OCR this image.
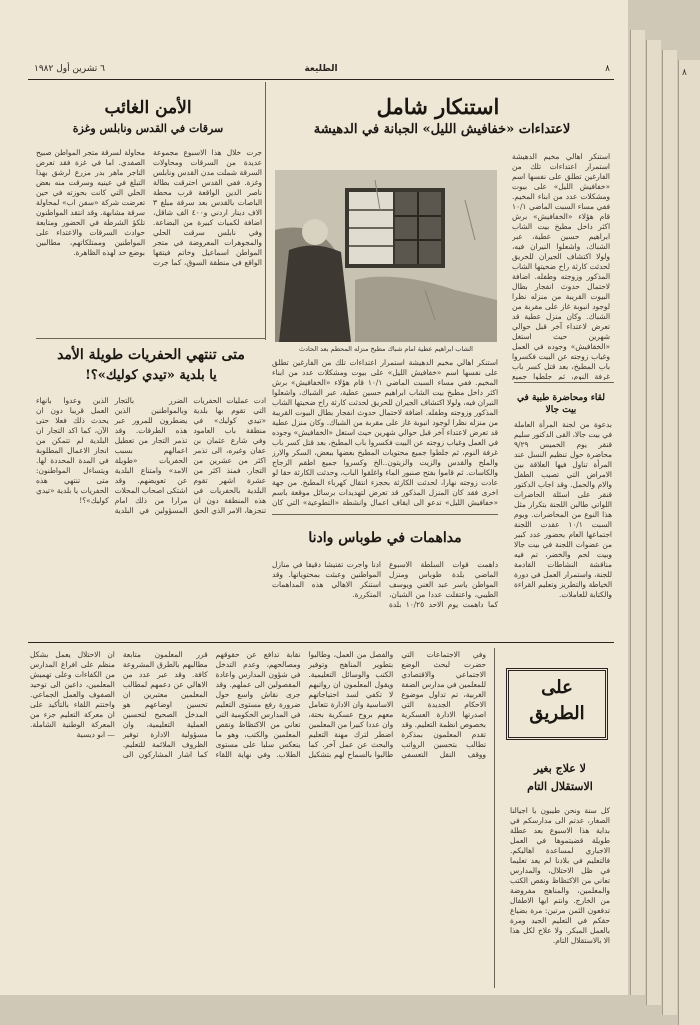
٨
الطليعة
٦ تشرين أول ١٩٨٢
استنكار شامل
لاعتداءات «خفافيش الليل» الجبانة في الدهيشة
الشاب ابراهيم عطية امام شباك مطبخ منزله المحطم بعد الحادث
استنكر اهالي مخيم الدهيشة استمرار اعتداءات تلك من الفارغين تطلق على نفسها اسم «خفافيش الليل» على بيوت ومشكلات عدد من ابناء المخيم. ففي مساء السبت الماضي ١٠/١ قام هؤلاء «الخفافيش» برش اكثر داخل مطبخ بيت الشاب ابراهيم حسين عطية، عبر الشباك، واشعلوا النيران فيه، ولولا اكتشاف الجيران للحريق لحدثت كارثة راح ضحيتها الشاب المذكور وزوجته وطفله. اضافة لاحتمال حدوث انفجار بطال البيوت القريبة من منزله نظرا لوجود انبوبة غاز على مقربة من الشباك. وكان منزل عطية قد تعرض لاعتداء آخر قبل حوالي شهرين حيث استغل «الخفافيش» وجوده في العمل وغياب زوجته عن البيت فكسروا باب المطبخ، بعد قتل كسر باب غرفة النوم، ثم جلطوا جميع
استنكر اهالي مخيم الدهيشة استمرار اعتداءات تلك من الفارغين تطلق على نفسها اسم «خفافيش الليل» على بيوت ومشكلات عدد من ابناء المخيم. ففي مساء السبت الماضي ١٠/١ قام هؤلاء «الخفافيش» برش اكثر داخل مطبخ بيت الشاب ابراهيم حسين عطية، عبر الشباك، واشعلوا النيران فيه، ولولا اكتشاف الجيران للحريق لحدثت كارثة راح ضحيتها الشاب المذكور وزوجته وطفله. اضافة لاحتمال حدوث انفجار بطال البيوت القريبة من منزله نظرا لوجود انبوبة غاز على مقربة من الشباك. وكان منزل عطية قد تعرض لاعتداء آخر قبل حوالي شهرين حيث استغل «الخفافيش» وجوده في العمل وغياب زوجته عن البيت فكسروا باب المطبخ، بعد قتل كسر باب غرفة النوم، ثم جلطوا جميع محتويات المطبخ بعضها ببعض، السكر والارز والملح والقدس والزيت والزيتون..الخ وكسروا جميع اطقم الزجاج والكاسات. ثم قاموا بفتح صنبور الماء واغلقوا الباب، وحدثت الكارثة حقا لو عادت زوجته نهارا، لحدثت الكارثة بحجزء انتقال كهرباء المطبخ. من جهة اخرى فقد كان المنزل المذكور قد تعرض لتهديدات برسائل موقعة باسم «خفافيش الليل» تدعو الى ايقاف اعمال وانشطة «التطوعية» التي كان
الأمن الغائب
سرقات في القدس ونابلس وغزة
جرت خلال هذا الاسبوع مجموعة عديدة من السرقات ومحاولات السرقة شملت مدن القدس ونابلس وغزة. ففي القدس احترقت بطالة ناصر الدين الواقعة قرب محطة الباصات بالقدس بعد سرقة مبلغ ٣ الاف دينار اردني و٤٠٠ الف شاقل، اضافة لكميات كبيرة من البضاعة. وفي نابلس سرقت الحلي والمجوهرات المعروضة في متجر المواطن اسماعيل وخاتم فيتقها الواقع في منطقة السوق، كما جرت محاولة لسرقة متجر المواطن صبيح الصفدي. اما في غزة فقد تعرض التاجر ماهر بدر مزرع لرشق بهذا التبلغ في عينيه وسرقت منه بعض الحلي التي كانت بحوزته في حين تعرضت شركة «سفن اب» لمحاولة سرقة مشابهة. وقد انتقد المواطنون تلكؤ الشرطة في الحضور ومتابعة حوادث السرقات والاعتداء على المواطنين وممتلكاتهم، مطالبين بوضع حد لهذه الظاهرة.
متى تنتهي الحفريات طويلة الأمد
يا بلدية «تيدي كوليك»؟!
ادت عمليات الحفريات التي تقوم بها بلدية «تيدي كوليك» في منطقة باب العامود وفي شارع عثمان بن عفان وغيره، الى تذمر اكثر من عشرين من التجار. فمنذ اكثر من عشرة اشهر تقوم البلدية بالحفريات في هذه المنطقة دون ان تنجزها، الامر الذي الحق الضرر بالتجار وبالمواطنين الذين يضطرون للمرور عبر هذه الطرقات. وقد تذمر التجار من تعطيل اعمالهم بسبب الحفريات «طويلة الامد» وامتناع البلدية عن تعويضهم. وقد اشتكى اصحاب المحلات مرارا من ذلك امام المسؤولين في البلدية الذين وعدوا بانهاء العمل قريبا دون ان يحدث ذلك فعلا حتى الآن، كما اكد التجار ان البلدية لم تتمكن من انجاز الاعمال المطلوبة في المدة المحددة لها. ويتساءل المواطنون: متى تنتهي هذه الحفريات يا بلدية «تيدي كوليك»؟!
لقاء ومحاضرة طبية في بيت جالا
بدعوة من لجنة المرأة العاملة في بيت جالا، القى الدكتور سليم قنقر يوم الخميس ٩/٢٩ محاضرة حول تنظيم النسل عند المرأة تناول فيها العلاقة بين الامراض التي تصيب الطفل والام والحمل. وقد اجاب الدكتور قنقر على اسئلة الحاضرات اللواتي طالبن اللجنة بتكرار مثل هذا النوع من المحاضرات. ويوم السبت ١٠/١ عقدت اللجنة اجتماعها العام بحضور عدد كبير من عضوات اللجنة في بيت جالا وبيت لحم والخضر، تم فيه مناقشة النشاطات القادمة للجنة، واستمرار العمل في دورة الخياطة والتطريز وتعليم القراءة والكتابة للعاملات.
مداهمات في طوباس وادنا
داهمت قوات السلطة الاسبوع الماضي بلدة طوباس ومنزل المواطن ياسر عبد الغني ويوسف الطيبي، واعتقلت عددا من الشبان، كما داهمت يوم الاحد ١٠/٢٥ بلدة ادنا واجرت تفتيشا دقيقا في منازل المواطنين وعبثت بمحتوياتها. وقد استنكر الاهالي هذه المداهمات المتكررة.
وفي الاجتماعات التي حضرت لبحث الوضع الاجتماعي والاقتصادي للمعلمين في مدارس الضفة الغربية، تم تداول موضوع الاحكام الجديدة التي اصدرتها الادارة العسكرية بخصوص انظمة التعليم. وقد تقدم المعلمون بمذكرة تطالب بتحسين الرواتب ووقف النقل التعسفي والفصل من العمل، وطالبوا بتطوير المناهج وتوفير الكتب والوسائل التعليمية. ويقول المعلمون ان رواتبهم لا تكفي لسد احتياجاتهم الاساسية وان الادارة تتعامل معهم بروح عسكرية بحتة، وان عددا كبيرا من المعلمين اضطر لترك مهنة التعليم والبحث عن عمل آخر. كما طالبوا بالسماح لهم بتشكيل نقابة تدافع عن حقوقهم ومصالحهم، وعدم التدخل في شؤون المدارس واعادة المفصولين الى عملهم. وقد جرى نقاش واسع حول ضرورة رفع مستوى التعليم في المدارس الحكومية التي تعاني من الاكتظاظ ونقص المعلمين والكتب، وهو ما ينعكس سلبا على مستوى الطلاب. وفي نهاية اللقاء قرر المعلمون متابعة مطالبهم بالطرق المشروعة كافة. وقد عبر عدد من الاهالي عن دعمهم لمطالب المعلمين معتبرين ان تحسين اوضاعهم هو المدخل الصحيح لتحسين العملية التعليمية، وان مسؤولية الادارة توفير الظروف الملائمة للتعليم. كما اشار المشاركون الى ان الاحتلال يعمل بشكل منظم على افراغ المدارس من الكفاءات وعلى تهميش المعلمين، داعين الى توحيد الصفوف والعمل الجماعي. واختتم اللقاء بالتأكيد على ان معركة التعليم جزء من المعركة الوطنية الشاملة. — ابو ديسية
على
الطريق
لا علاج بغير
الاستقلال التام
كل سنة ونحن طيبون يا اجيالنا الصغار، عدتم الى مدارسكم في بداية هذا الاسبوع بعد عطلة طويلة قضيتموها في العمل الاجباري لمساعدة اهاليكم. فالتعليم في بلادنا لم يعد تعليما في ظل الاحتلال، والمدارس تعاني من الاكتظاظ ونقص الكتب والمعلمين، والمناهج مفروضة من الخارج. وانتم ايها الاطفال تدفعون الثمن مرتين: مرة بضياع حقكم في التعليم الجيد ومرة بالعمل المبكر. ولا علاج لكل هذا الا بالاستقلال التام.
٨
